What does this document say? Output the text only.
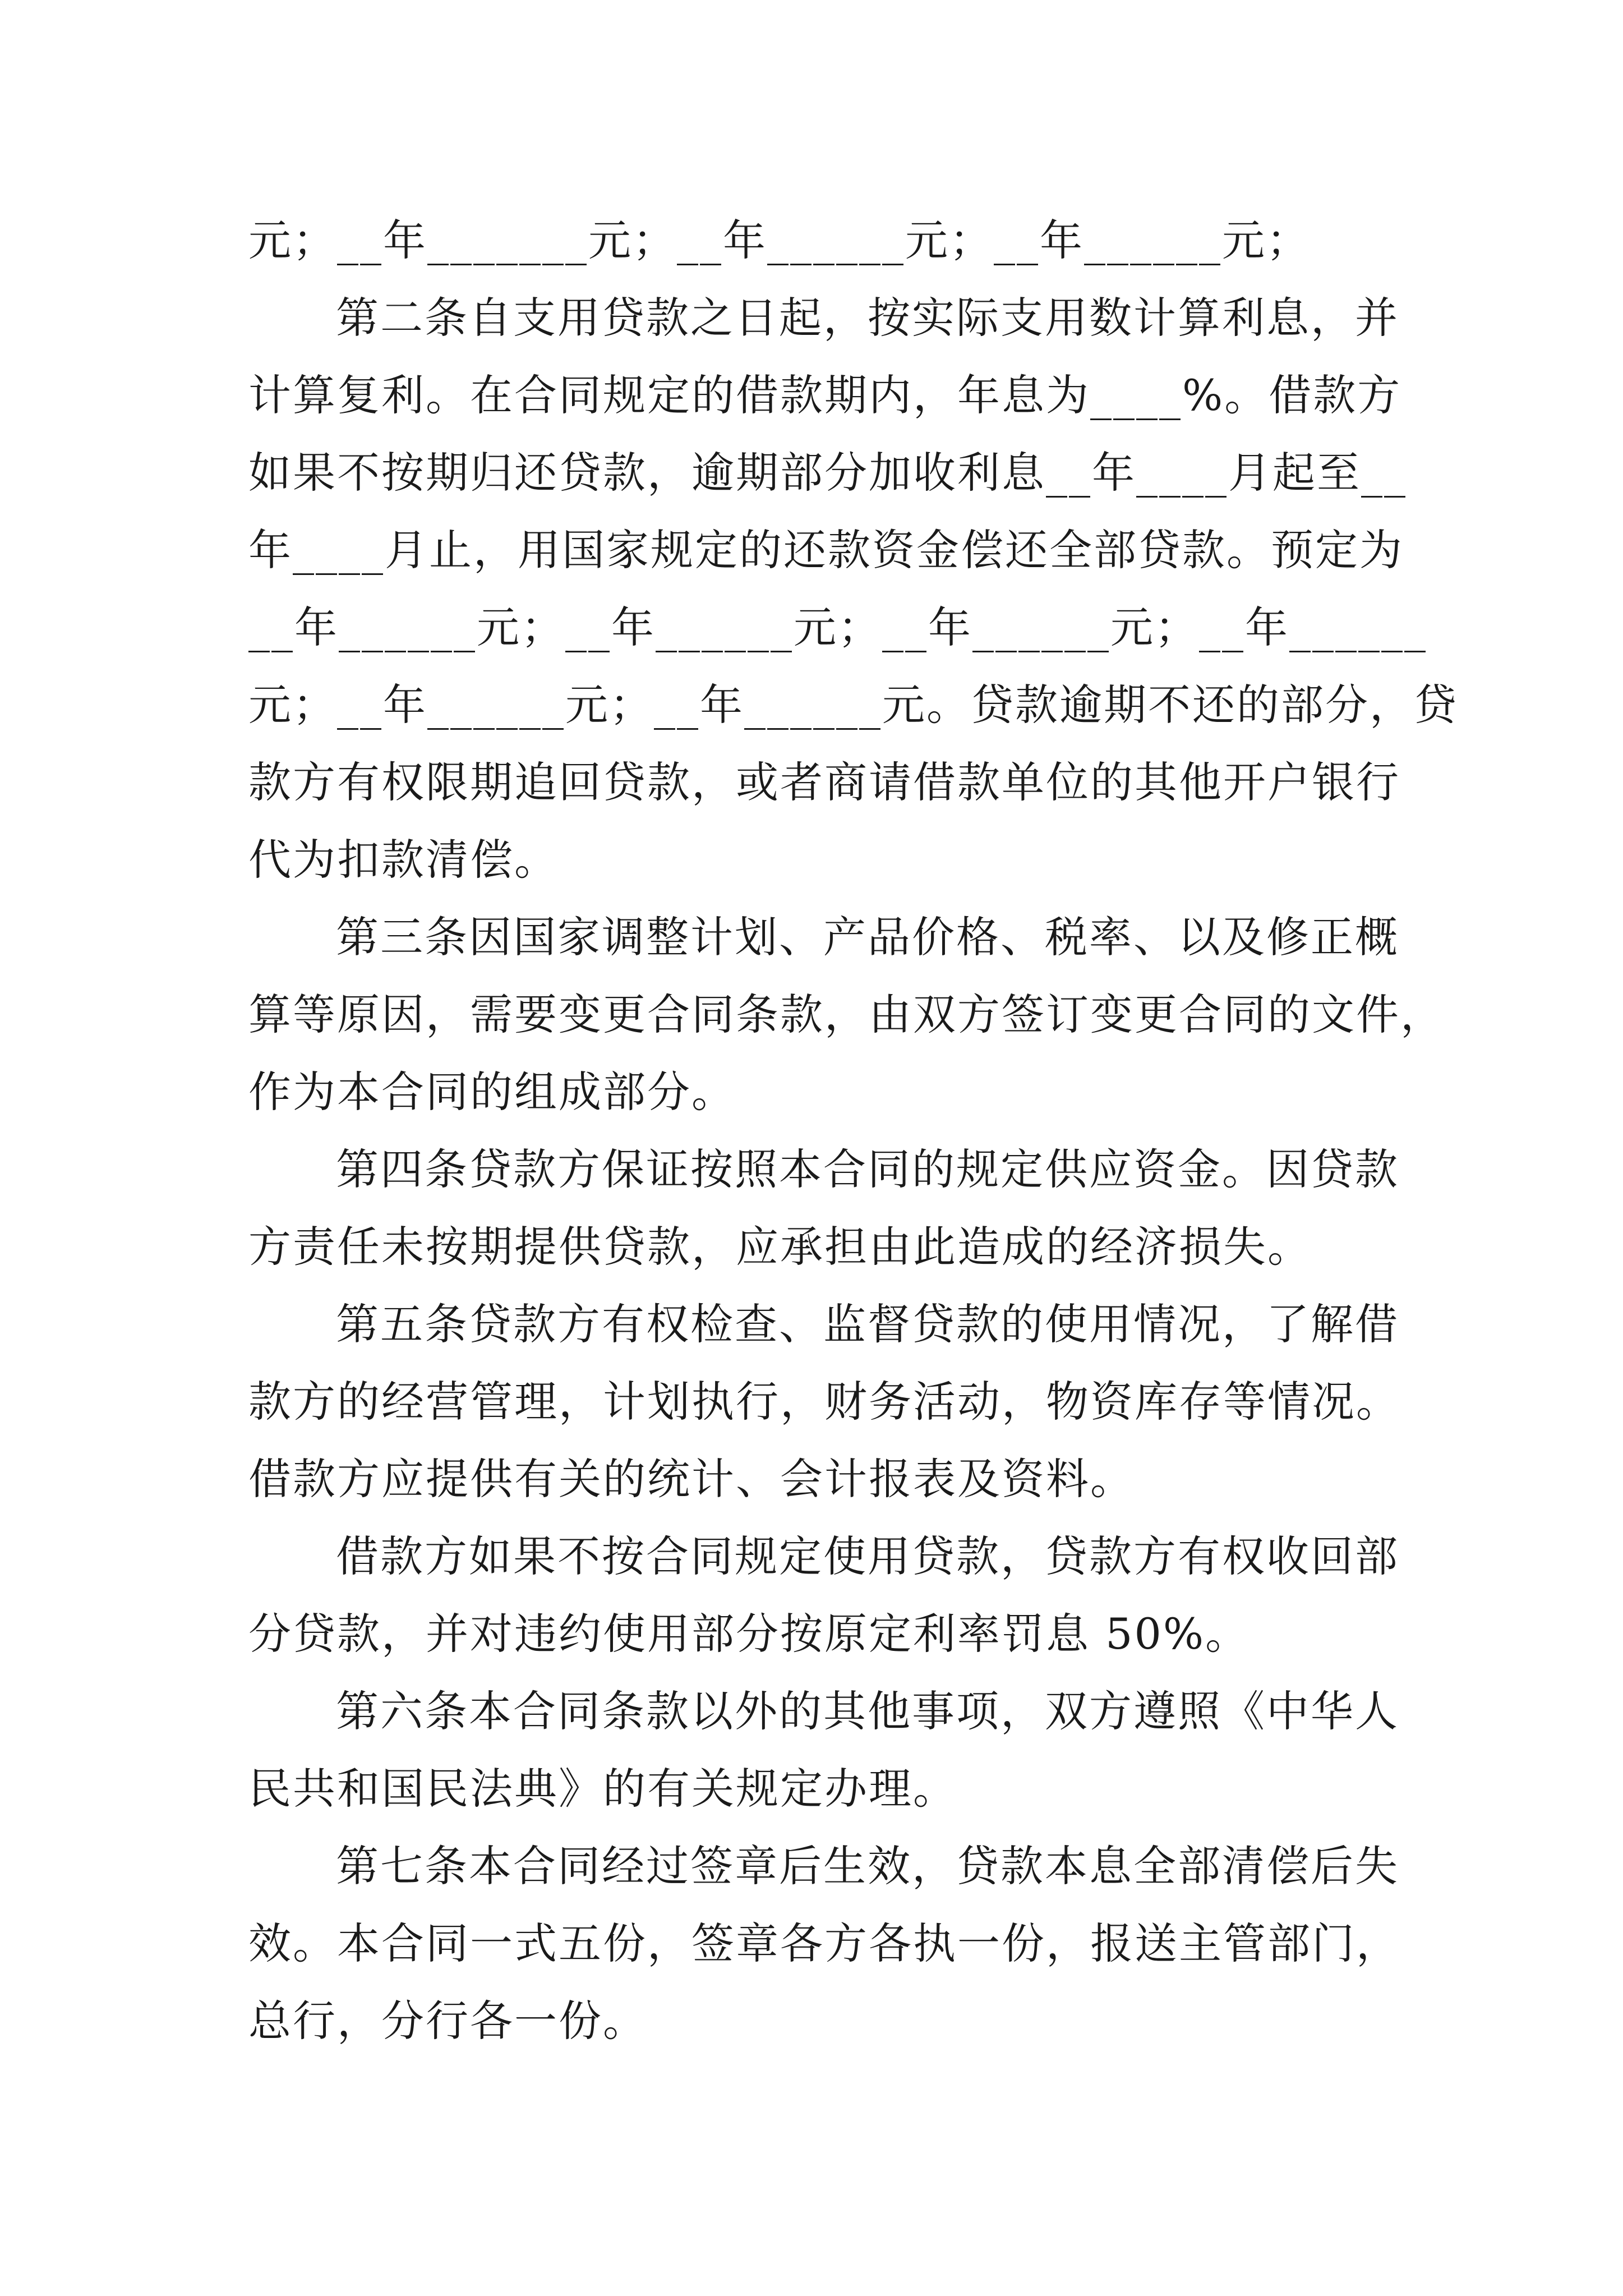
元；__年_______元；__年______元；__年______元；
第二条自支用贷款之日起，按实际支用数计算利息，并
计算复利。在合同规定的借款期内，年息为____%。借款方
如果不按期归还贷款，逾期部分加收利息__年____月起至__
年____月止，用国家规定的还款资金偿还全部贷款。预定为
__年______元；__年______元；__年______元；__年______
元；__年______元；__年______元。贷款逾期不还的部分，贷
款方有权限期追回贷款，或者商请借款单位的其他开户银行
代为扣款清偿。
第三条因国家调整计划、产品价格、税率、以及修正概
算等原因，需要变更合同条款，由双方签订变更合同的文件，
作为本合同的组成部分。
第四条贷款方保证按照本合同的规定供应资金。因贷款
方责任未按期提供贷款，应承担由此造成的经济损失。
第五条贷款方有权检查、监督贷款的使用情况，了解借
款方的经营管理，计划执行，财务活动，物资库存等情况。
借款方应提供有关的统计、会计报表及资料。
借款方如果不按合同规定使用贷款，贷款方有权收回部
分贷款，并对违约使用部分按原定利率罚息 50%。
第六条本合同条款以外的其他事项，双方遵照《中华人
民共和国民法典》的有关规定办理。
第七条本合同经过签章后生效，贷款本息全部清偿后失
效。本合同一式五份，签章各方各执一份，报送主管部门，
总行，分行各一份。
